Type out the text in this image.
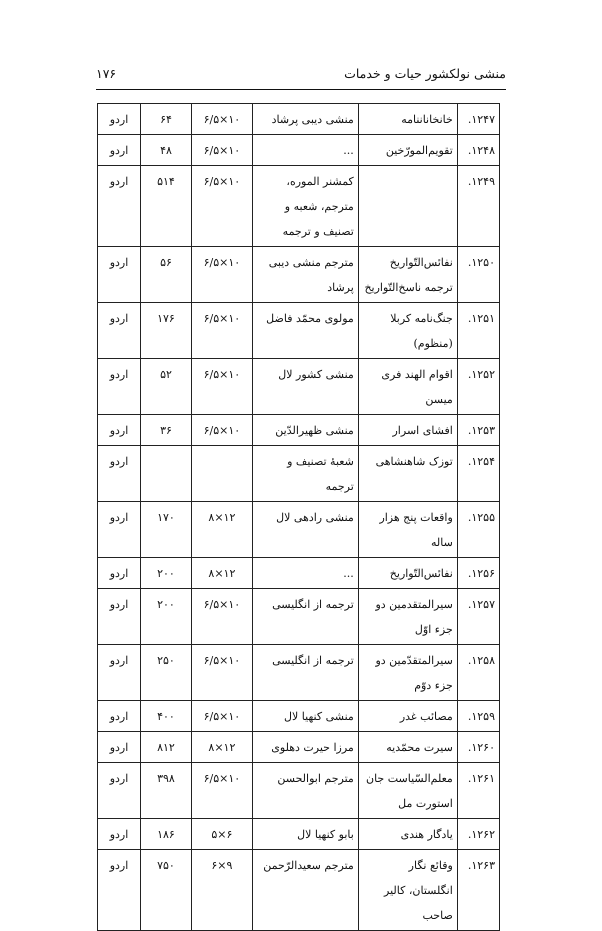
منشی نولکشور حیات و خدمات
۱۷۶
۱۲۴۷.	خانخاناننامه	منشی دیبی پرشاد	۱۰×۶/۵	۶۴	اردو
۱۲۴۸.	تقویم‌المورّخین	...	۱۰×۶/۵	۴۸	اردو
۱۲۴۹.		کمشنر الموره، مترجم، شعبه و تصنیف و ترجمه	۱۰×۶/۵	۵۱۴	اردو
۱۲۵۰.	نفائس‌التّواریخ ترجمه ناسخ‌التّواریخ	مترجم منشی دیبی پرشاد	۱۰×۶/۵	۵۶	اردو
۱۲۵۱.	جنگ‌نامه کربلا (منظوم)	مولوی محمّد فاضل	۱۰×۶/۵	۱۷۶	اردو
۱۲۵۲.	اقوام الهند فری میسن	منشی کشور لال	۱۰×۶/۵	۵۲	اردو
۱۲۵۳.	افشای اسرار	منشی ظهیرالدّین	۱۰×۶/۵	۳۶	اردو
۱۲۵۴.	توزک شاهنشاهی	شعبهٔ تصنیف و ترجمه			اردو
۱۲۵۵.	واقعات پنج هزار ساله	منشی رادهی لال	۱۲×۸	۱۷۰	اردو
۱۲۵۶.	نفائس‌التّواریخ	...	۱۲×۸	۲۰۰	اردو
۱۲۵۷.	سیرالمتقدمین دو جزء اوّل	ترجمه از انگلیسی	۱۰×۶/۵	۲۰۰	اردو
۱۲۵۸.	سیرالمتقدّمین دو جزء دوّم	ترجمه از انگلیسی	۱۰×۶/۵	۲۵۰	اردو
۱۲۵۹.	مصائب غدر	منشی کنهیا لال	۱۰×۶/۵	۴۰۰	اردو
۱۲۶۰.	سیرت محمّدیه	مرزا حیرت دهلوی	۱۲×۸	۸۱۲	اردو
۱۲۶۱.	معلم‌السّیاست جان استورت مل	مترجم ابوالحسن	۱۰×۶/۵	۳۹۸	اردو
۱۲۶۲.	یادگار هندی	بابو کنهیا لال	۶×۵	۱۸۶	اردو
۱۲۶۳.	وقائع نگار انگلستان، کالیر صاحب	مترجم سعیدالرّحمن	۹×۶	۷۵۰	اردو
